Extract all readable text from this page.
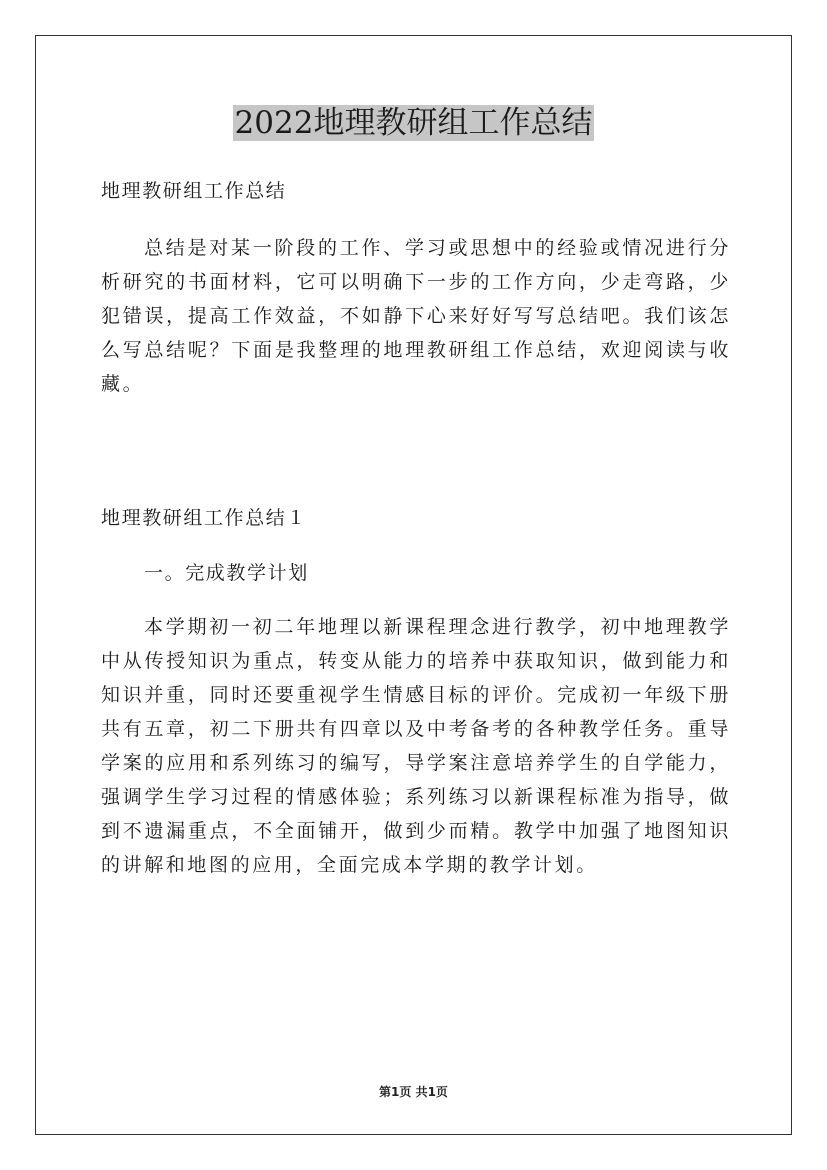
2022地理教研组工作总结

地理教研组工作总结

总结是对某一阶段的工作、学习或思想中的经验或情况进行分析研究的书面材料，它可以明确下一步的工作方向，少走弯路，少犯错误，提高工作效益，不如静下心来好好写写总结吧。我们该怎么写总结呢？下面是我整理的地理教研组工作总结，欢迎阅读与收藏。

地理教研组工作总结１

一。完成教学计划

本学期初一初二年地理以新课程理念进行教学，初中地理教学中从传授知识为重点，转变从能力的培养中获取知识，做到能力和知识并重，同时还要重视学生情感目标的评价。完成初一年级下册共有五章，初二下册共有四章以及中考备考的各种教学任务。重导学案的应用和系列练习的编写，导学案注意培养学生的自学能力，强调学生学习过程的情感体验；系列练习以新课程标准为指导，做到不遗漏重点，不全面铺开，做到少而精。教学中加强了地图知识的讲解和地图的应用，全面完成本学期的教学计划。

第1页 共1页
